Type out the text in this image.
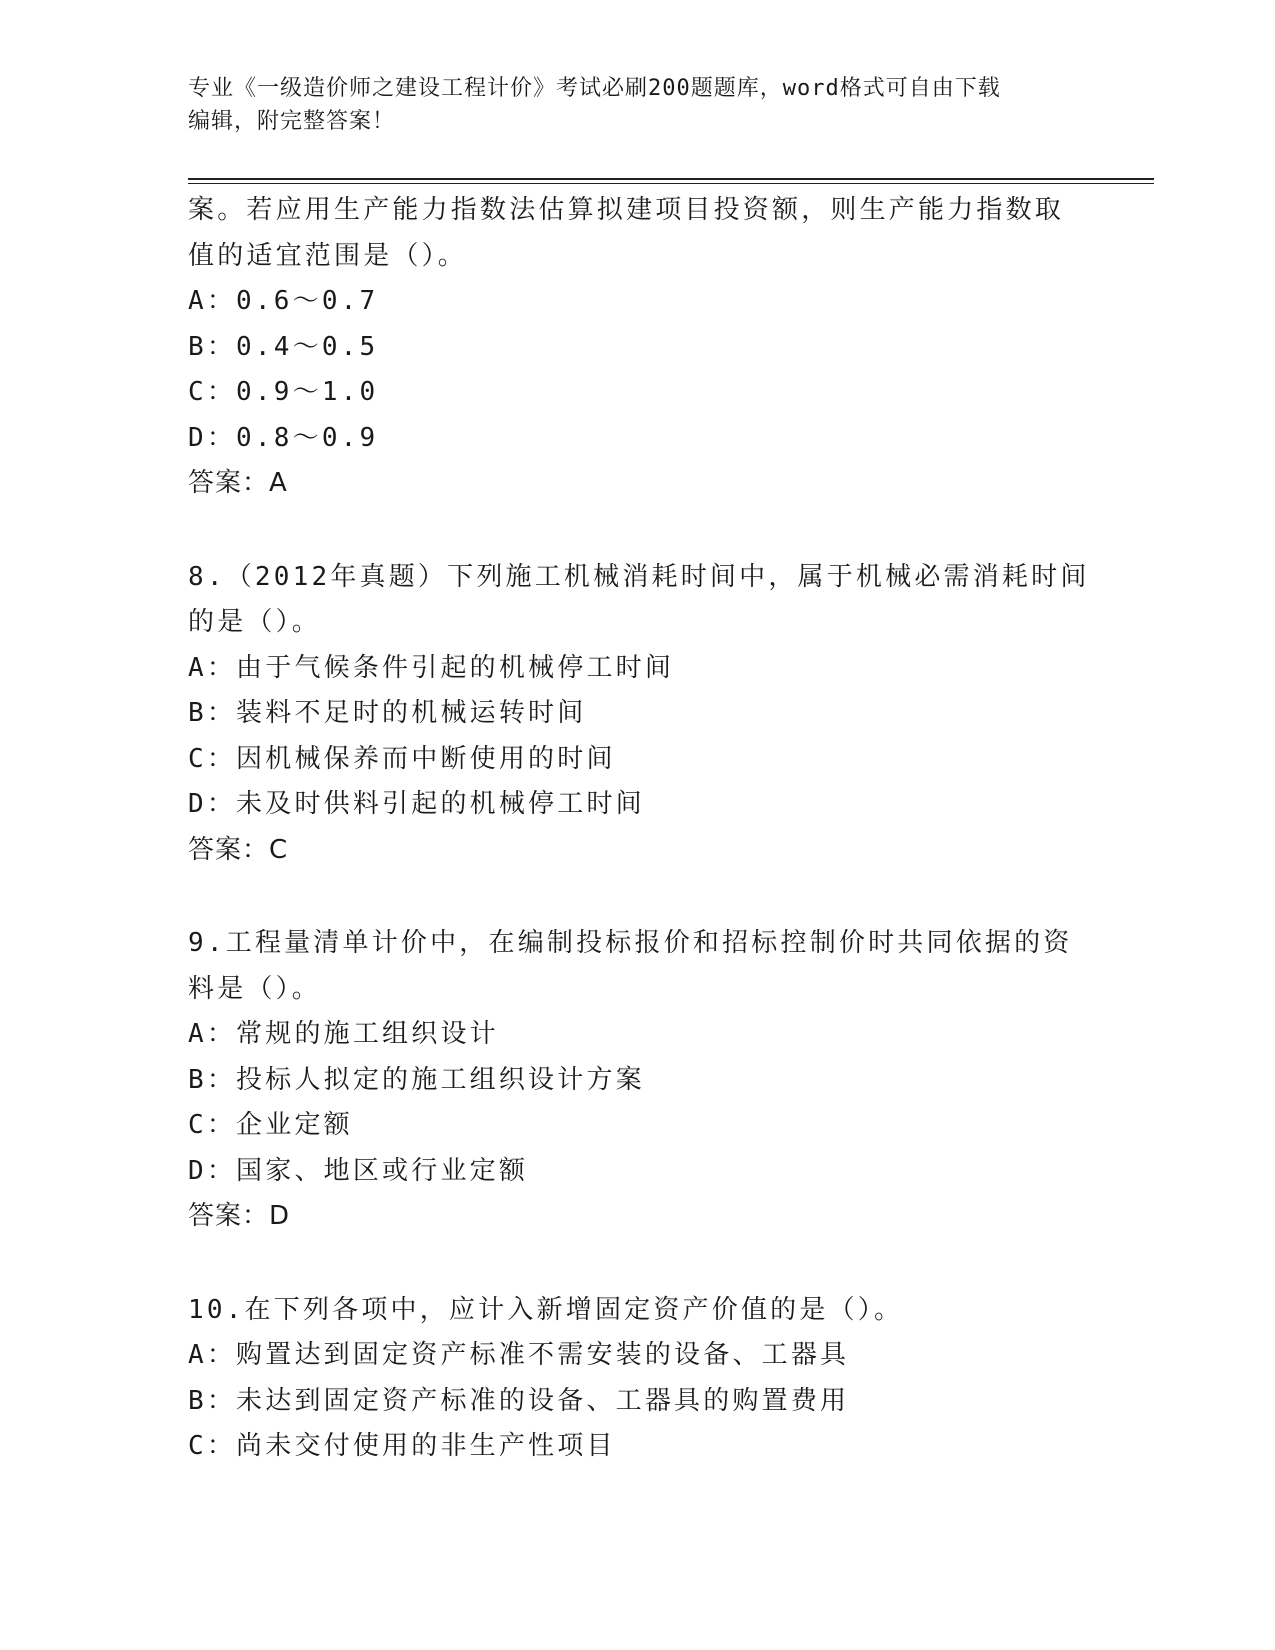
专业《一级造价师之建设工程计价》考试必刷200题题库，word格式可自由下载
编辑，附完整答案！
案。若应用生产能力指数法估算拟建项目投资额，则生产能力指数取
值的适宜范围是（）。
A：0.6～0.7
B：0.4～0.5
C：0.9～1.0
D：0.8～0.9
答案：A
8.（2012年真题）下列施工机械消耗时间中，属于机械必需消耗时间
的是（）。
A：由于气候条件引起的机械停工时间
B：装料不足时的机械运转时间
C：因机械保养而中断使用的时间
D：未及时供料引起的机械停工时间
答案：C
9.工程量清单计价中，在编制投标报价和招标控制价时共同依据的资
料是（）。
A：常规的施工组织设计
B：投标人拟定的施工组织设计方案
C：企业定额
D：国家、地区或行业定额
答案：D
10.在下列各项中，应计入新增固定资产价值的是（）。
A：购置达到固定资产标准不需安装的设备、工器具
B：未达到固定资产标准的设备、工器具的购置费用
C：尚未交付使用的非生产性项目
